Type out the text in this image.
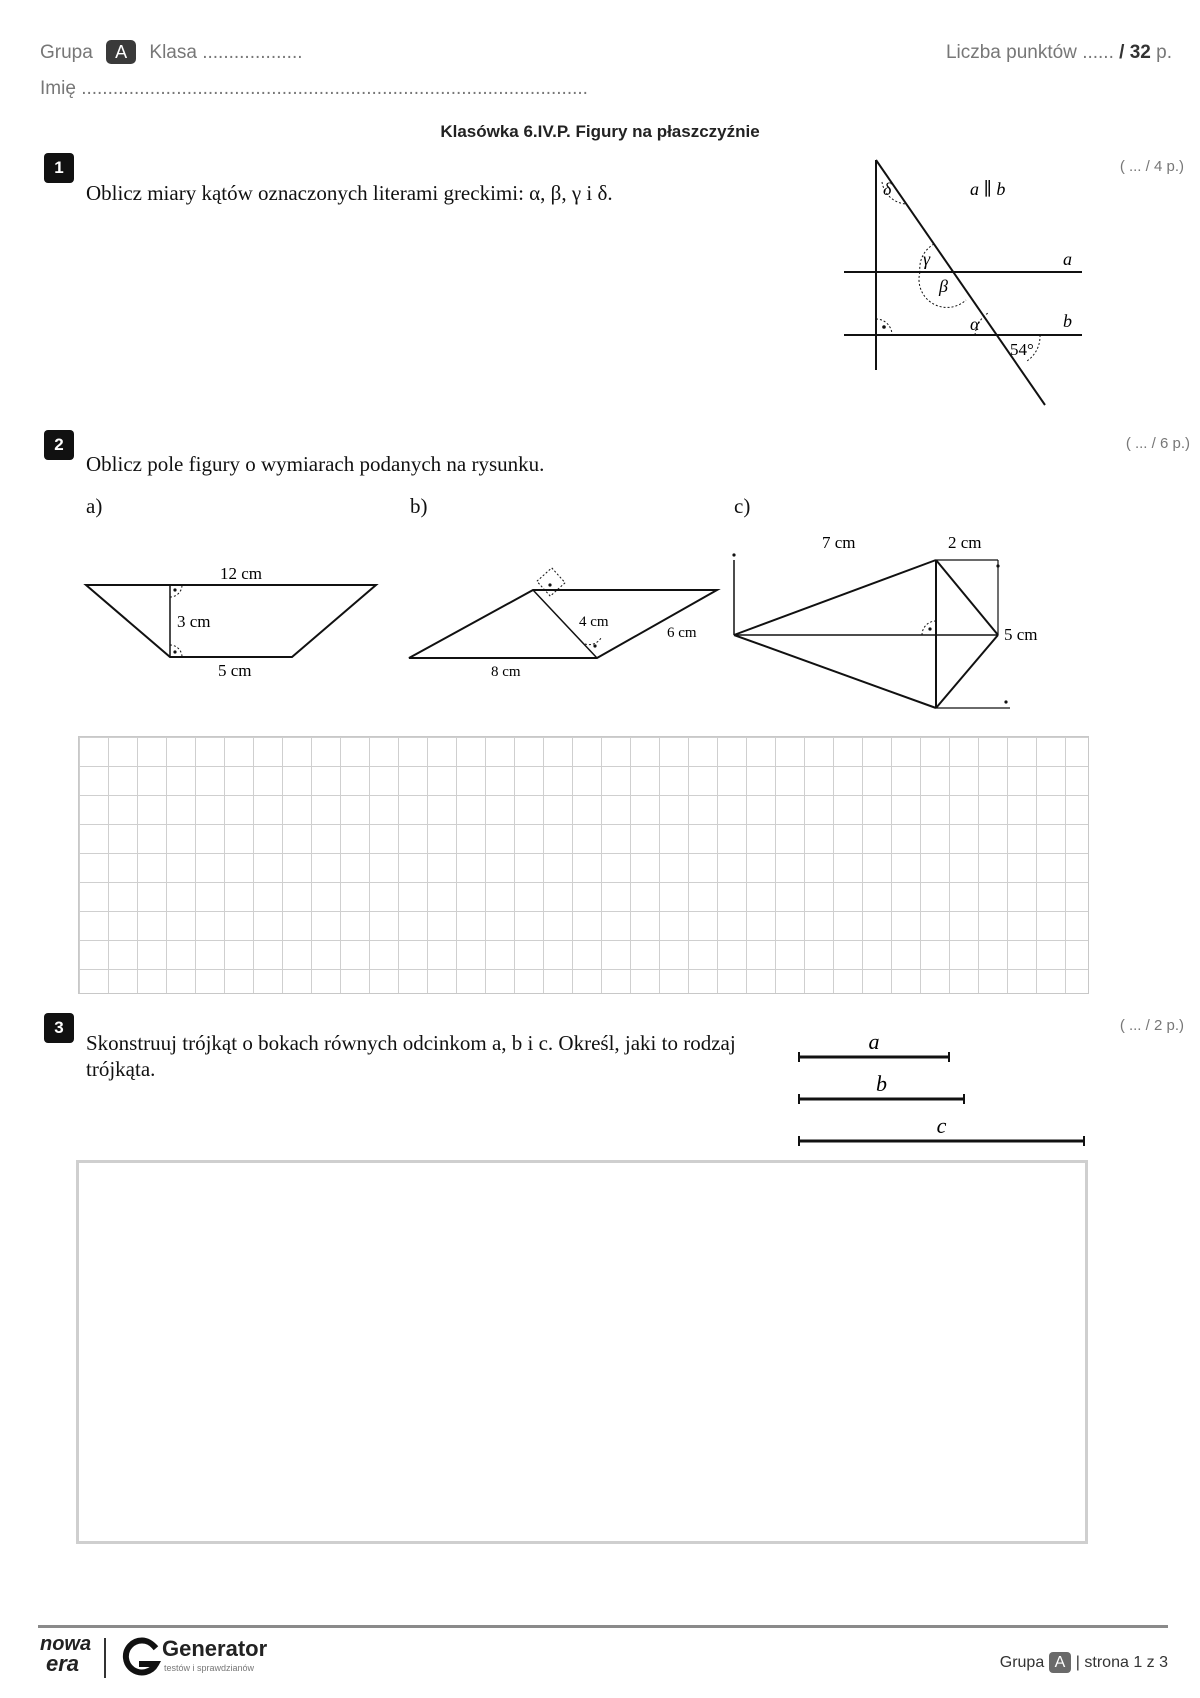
Grupa A Klasa ...................	Liczba punktów ...... / 32 p.
Imię ................................................................................................
Klasówka 6.IV.P. Figury na płaszczyźnie
1
Oblicz miary kątów oznaczonych literami greckimi: α, β, γ i δ.
( ... / 4 p.)
δ	a ∥ b
γ	a
β
α	b
54°
2
Oblicz pole figury o wymiarach podanych na rysunku.
( ... / 6 p.)
a)	b)	c)
12 cm
3 cm
5 cm
4 cm
6 cm
8 cm
7 cm	2 cm
5 cm
3
Skonstruuj trójkąt o bokach równych odcinkom a, b i c. Określ, jaki to rodzaj trójkąta.
( ... / 2 p.)
a
b
c
nowa
era
Generator
testów i sprawdzianów	Grupa A | strona 1 z 3
